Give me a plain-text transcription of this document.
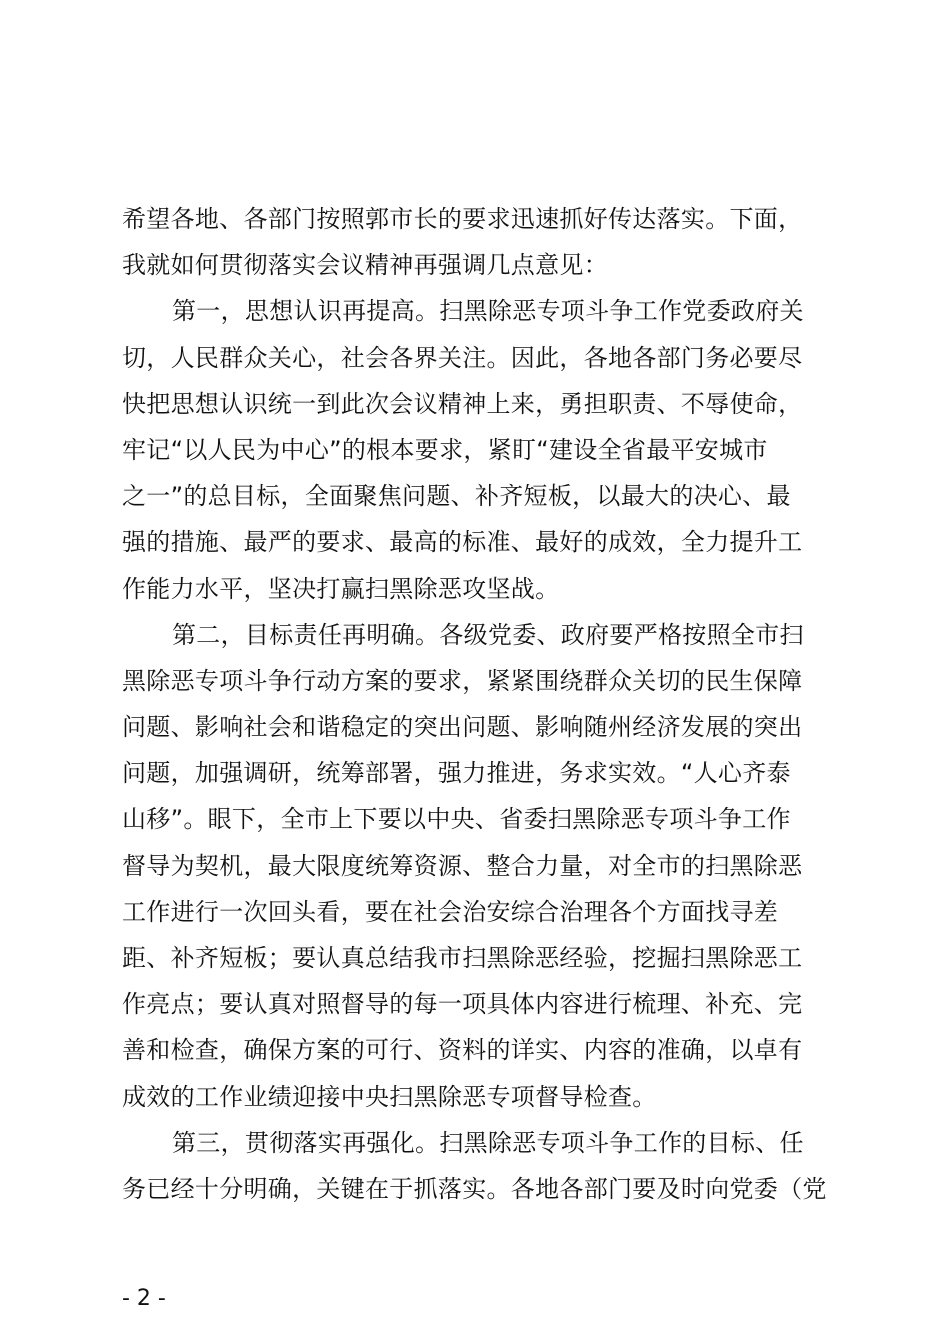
希望各地、各部门按照郭市长的要求迅速抓好传达落实。下面，
我就如何贯彻落实会议精神再强调几点意见：
第一，思想认识再提高。扫黑除恶专项斗争工作党委政府关
切，人民群众关心，社会各界关注。因此，各地各部门务必要尽
快把思想认识统一到此次会议精神上来，勇担职责、不辱使命，
牢记“以人民为中心”的根本要求，紧盯“建设全省最平安城市
之一”的总目标，全面聚焦问题、补齐短板，以最大的决心、最
强的措施、最严的要求、最高的标准、最好的成效，全力提升工
作能力水平，坚决打赢扫黑除恶攻坚战。
第二，目标责任再明确。各级党委、政府要严格按照全市扫
黑除恶专项斗争行动方案的要求，紧紧围绕群众关切的民生保障
问题、影响社会和谐稳定的突出问题、影响随州经济发展的突出
问题，加强调研，统筹部署，强力推进，务求实效。“人心齐泰
山移”。眼下，全市上下要以中央、省委扫黑除恶专项斗争工作
督导为契机，最大限度统筹资源、整合力量，对全市的扫黑除恶
工作进行一次回头看，要在社会治安综合治理各个方面找寻差
距、补齐短板；要认真总结我市扫黑除恶经验，挖掘扫黑除恶工
作亮点；要认真对照督导的每一项具体内容进行梳理、补充、完
善和检查，确保方案的可行、资料的详实、内容的准确，以卓有
成效的工作业绩迎接中央扫黑除恶专项督导检查。
第三，贯彻落实再强化。扫黑除恶专项斗争工作的目标、任
务已经十分明确，关键在于抓落实。各地各部门要及时向党委（党
- 2 -
